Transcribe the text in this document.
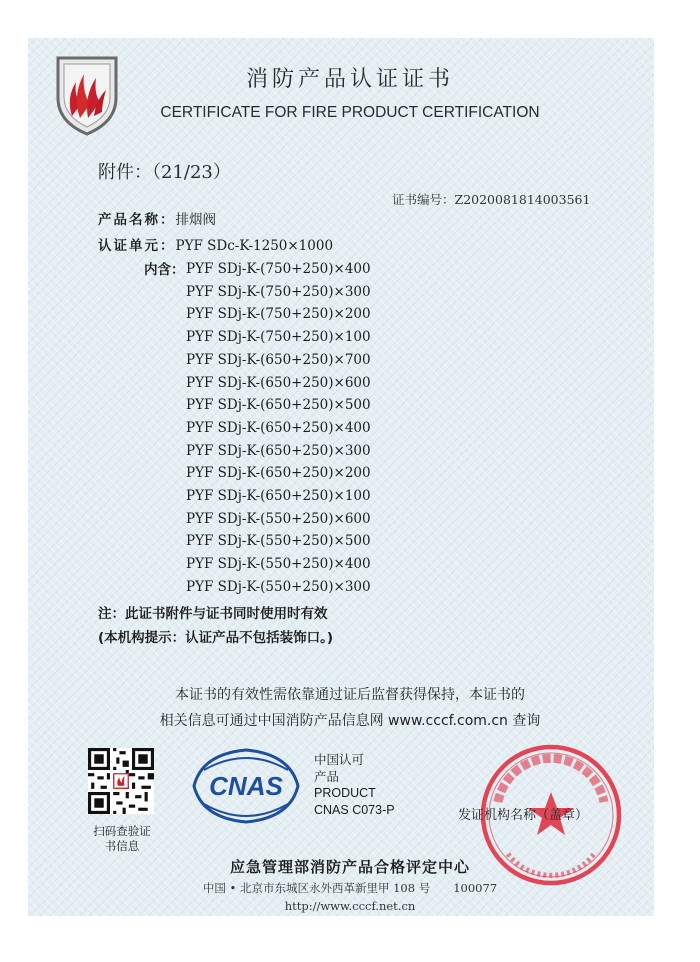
消防产品认证证书
CERTIFICATE FOR FIRE PRODUCT CERTIFICATION
附件：（21/23）
证书编号：Z2020081814003561
产品名称：排烟阀
认证单元：PYF SDc-K-1250×1000
内含： PYF SDj-K-(750+250)×400
PYF SDj-K-(750+250)×300
PYF SDj-K-(750+250)×200
PYF SDj-K-(750+250)×100
PYF SDj-K-(650+250)×700
PYF SDj-K-(650+250)×600
PYF SDj-K-(650+250)×500
PYF SDj-K-(650+250)×400
PYF SDj-K-(650+250)×300
PYF SDj-K-(650+250)×200
PYF SDj-K-(650+250)×100
PYF SDj-K-(550+250)×600
PYF SDj-K-(550+250)×500
PYF SDj-K-(550+250)×400
PYF SDj-K-(550+250)×300
注：此证书附件与证书同时使用时有效
(本机构提示：认证产品不包括装饰口。)
本证书的有效性需依靠通过证后监督获得保持，本证书的
相关信息可通过中国消防产品信息网 www.cccf.com.cn 查询
扫码查验证书信息
CNAS
中国认可
产品
PRODUCT
CNAS C073-P	发证机构名称（盖章）
应急管理部消防产品合格评定中心
中国 • 北京市东城区永外西革新里甲 108 号　　100077
http://www.cccf.net.cn
